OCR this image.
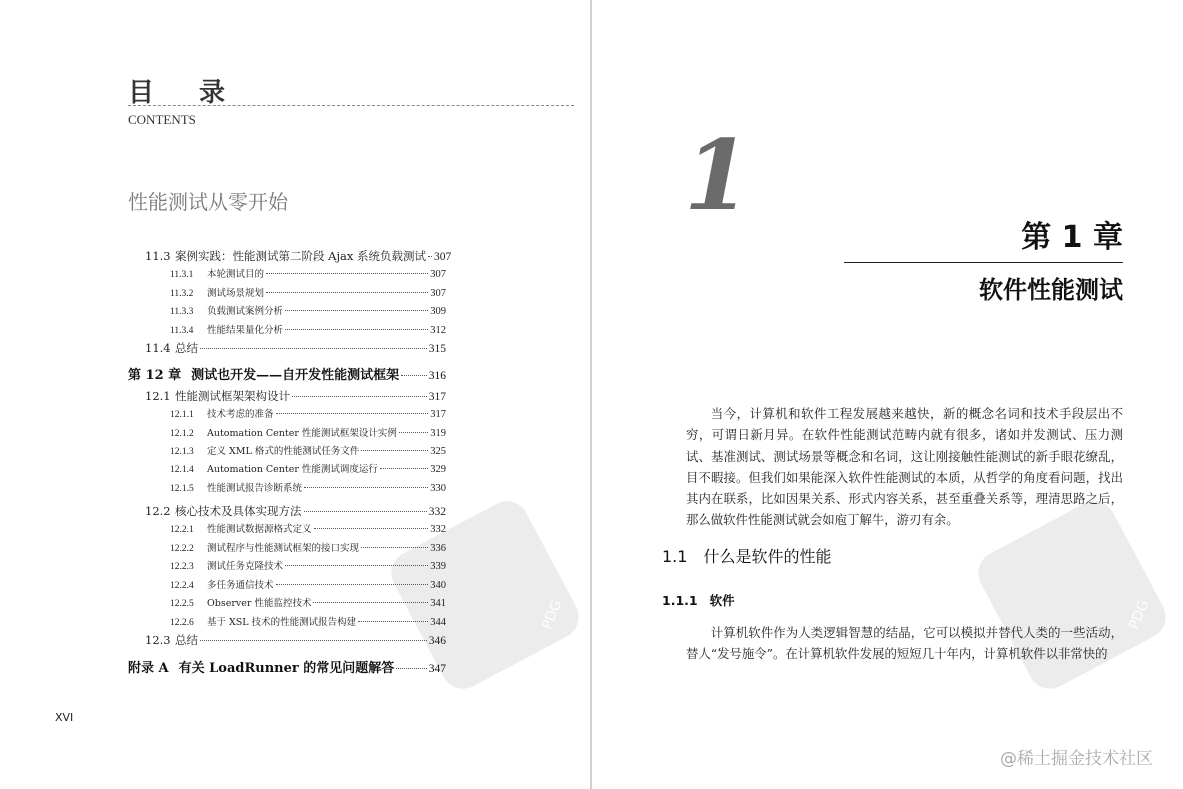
目 录
CONTENTS
性能测试从零开始
PDG
11.3 案例实践：性能测试第二阶段 Ajax 系统负载测试 307
11.3.1	本轮测试目的	307
11.3.2	测试场景规划	307
11.3.3	负载测试案例分析	309
11.3.4	性能结果量化分析	312
11.4 总结	315
第 12 章 测试也开发——自开发性能测试框架	316
12.1 性能测试框架架构设计	317
12.1.1	技术考虑的准备	317
12.1.2	Automation Center 性能测试框架设计实例	319
12.1.3	定义 XML 格式的性能测试任务文件	325
12.1.4	Automation Center 性能测试调度运行	329
12.1.5	性能测试报告诊断系统	330
12.2 核心技术及具体实现方法	332
12.2.1	性能测试数据源格式定义	332
12.2.2	测试程序与性能测试框架的接口实现	336
12.2.3	测试任务克隆技术	339
12.2.4	多任务通信技术	340
12.2.5	Observer 性能监控技术	341
12.2.6	基于 XSL 技术的性能测试报告构建	344
12.3 总结	346
附录 A 有关 LoadRunner 的常见问题解答	347
XVI
1
第 1 章
软件性能测试
PDG

当今，计算机和软件工程发展越来越快，新的概念名词和技术手段层出不穷，可谓日新月异。在软件性能测试范畴内就有很多，诸如并发测试、压力测试、基准测试、测试场景等概念和名词，这让刚接触性能测试的新手眼花缭乱，目不暇接。但我们如果能深入软件性能测试的本质，从哲学的角度看问题，找出其内在联系，比如因果关系、形式内容关系，甚至重叠关系等，理清思路之后，那么做软件性能测试就会如庖丁解牛，游刃有余。

1.1 什么是软件的性能
1.1.1 软件

计算机软件作为人类逻辑智慧的结晶，它可以模拟并替代人类的一些活动，替人“发号施令”。在计算机软件发展的短短几十年内，计算机软件以非常快的

@稀土掘金技术社区
